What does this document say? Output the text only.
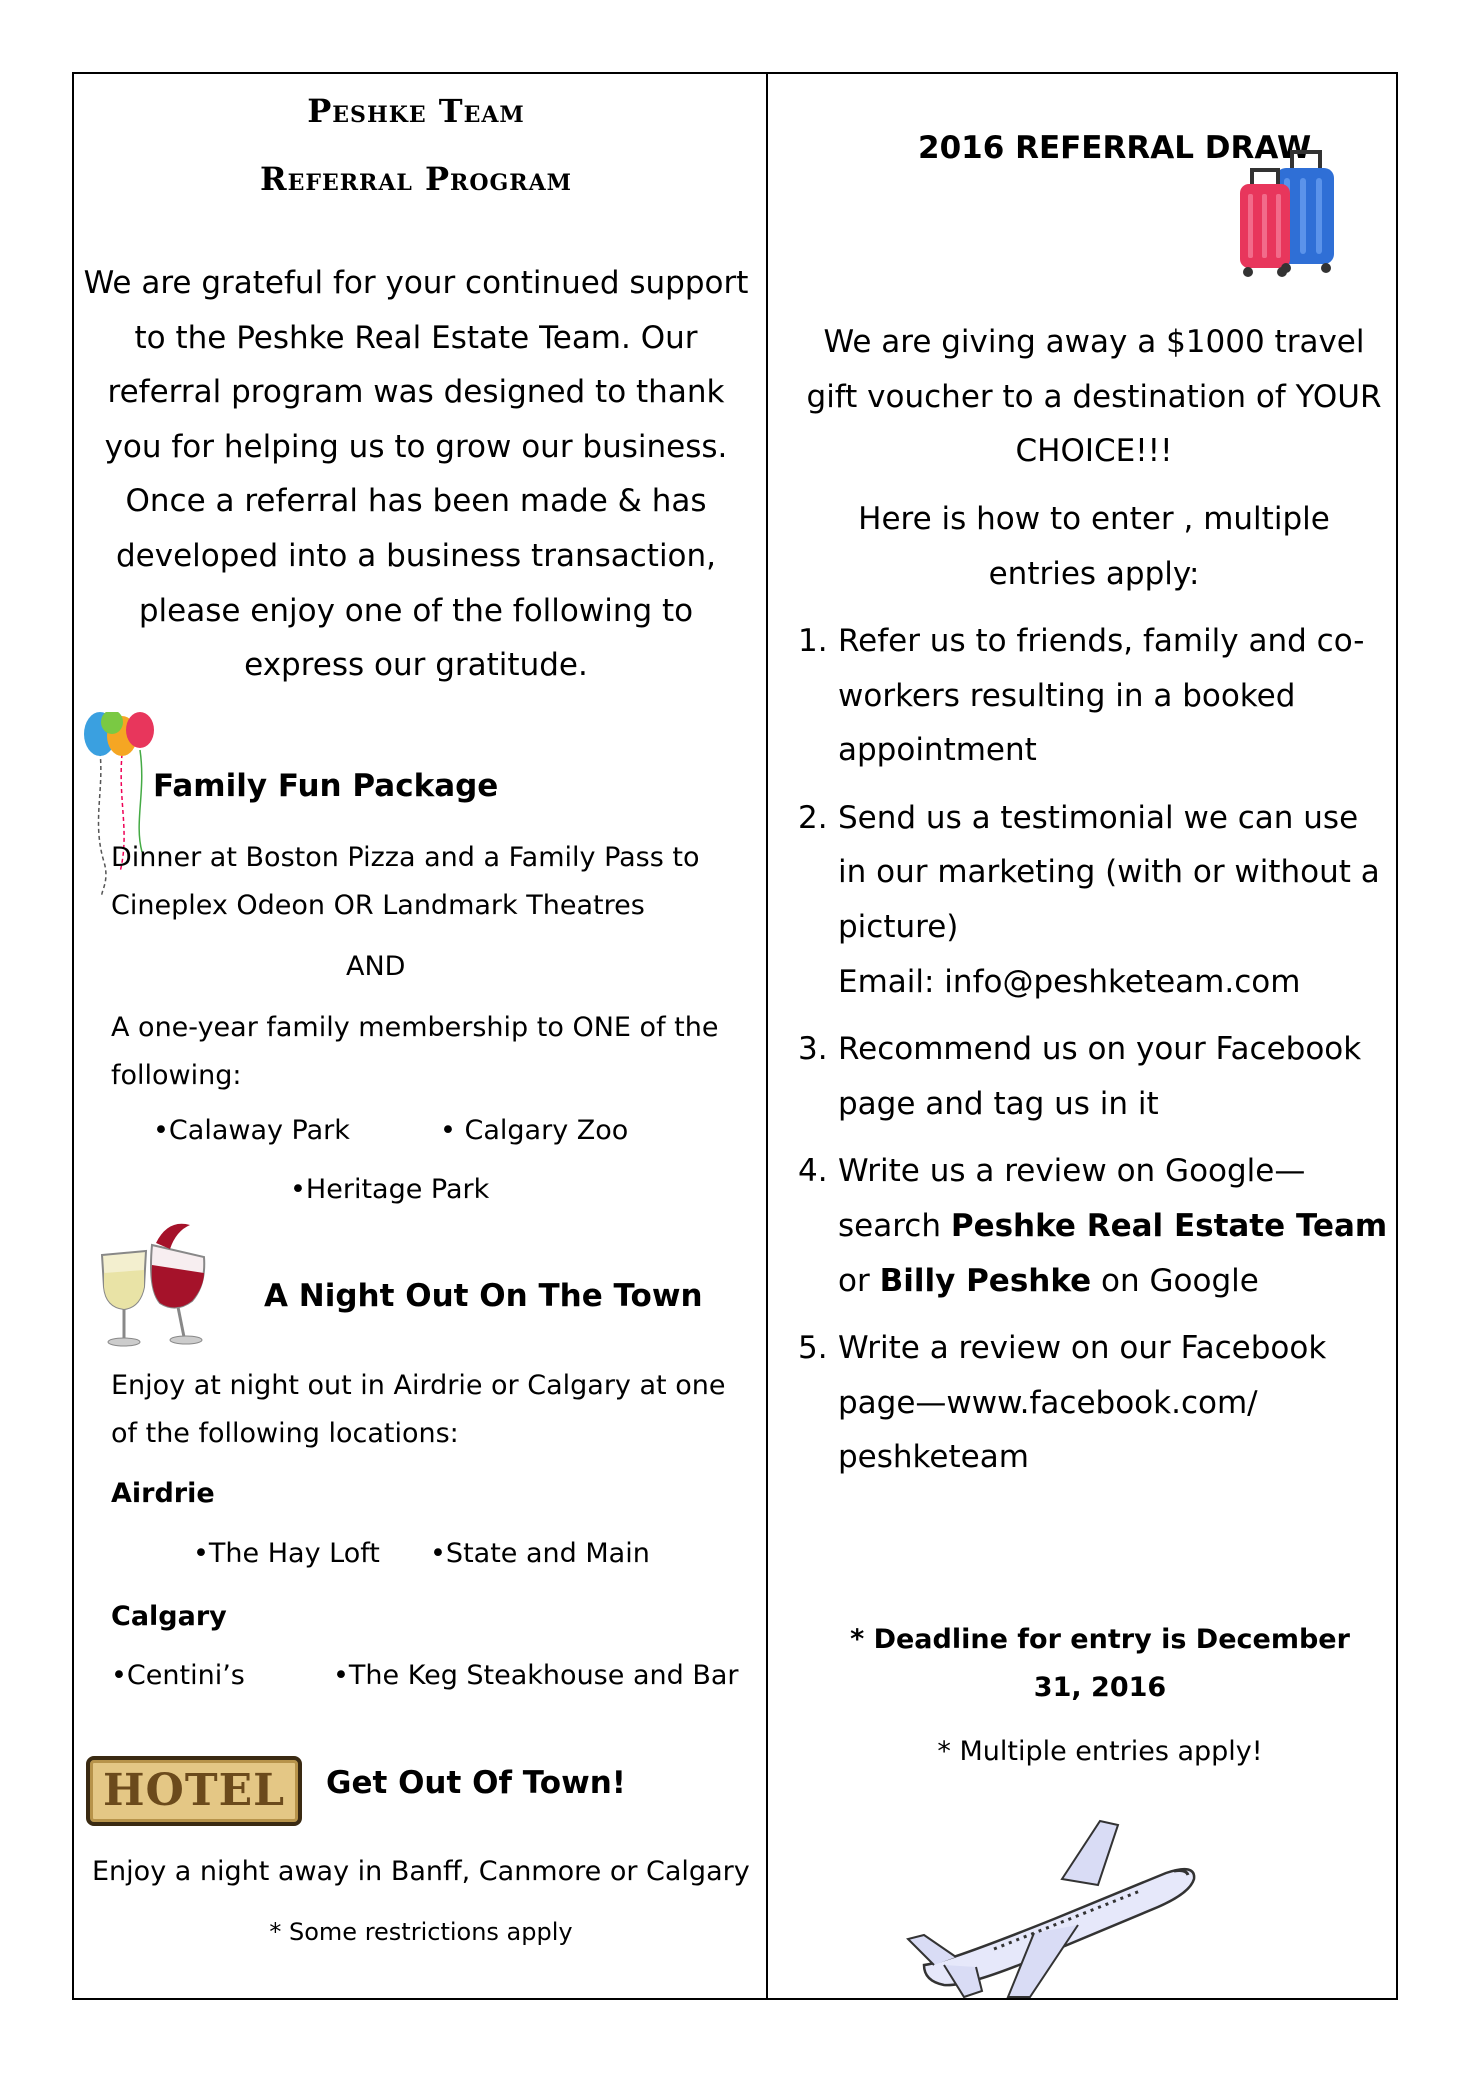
Peshke Team
Referral Program
We are grateful for your continued support to the Peshke Real Estate Team. Our referral program was designed to thank you for helping us to grow our business. Once a referral has been made & has developed into a business transaction, please enjoy one of the following to express our gratitude.
Family Fun Package
Dinner at Boston Pizza and a Family Pass to
Cineplex Odeon OR Landmark Theatres
AND
A one-year family membership to ONE of the
following:
•Calaway Park	• Calgary Zoo
•Heritage Park
A Night Out On The Town
Enjoy at night out in Airdrie or Calgary at one
of the following locations:
Airdrie
•The Hay Loft •State and Main
Calgary
•Centini’s	•The Keg Steakhouse and Bar
HOTEL	Get Out Of Town!
Enjoy a night away in Banff, Canmore or Calgary
* Some restrictions apply
2016 REFERRAL DRAW
We are giving away a $1000 travel gift voucher to a destination of YOUR CHOICE!!!
Here is how to enter , multiple entries apply:
1. Refer us to friends, family and co-workers resulting in a booked appointment
2. Send us a testimonial we can use in our marketing (with or without a picture)
Email: info@peshketeam.com
3. Recommend us on your Facebook page and tag us in it
4. Write us a review on Google—search Peshke Real Estate Team or Billy Peshke on Google
5. Write a review on our Facebook page—www.facebook.com/ peshketeam
* Deadline for entry is December 31, 2016
* Multiple entries apply!
